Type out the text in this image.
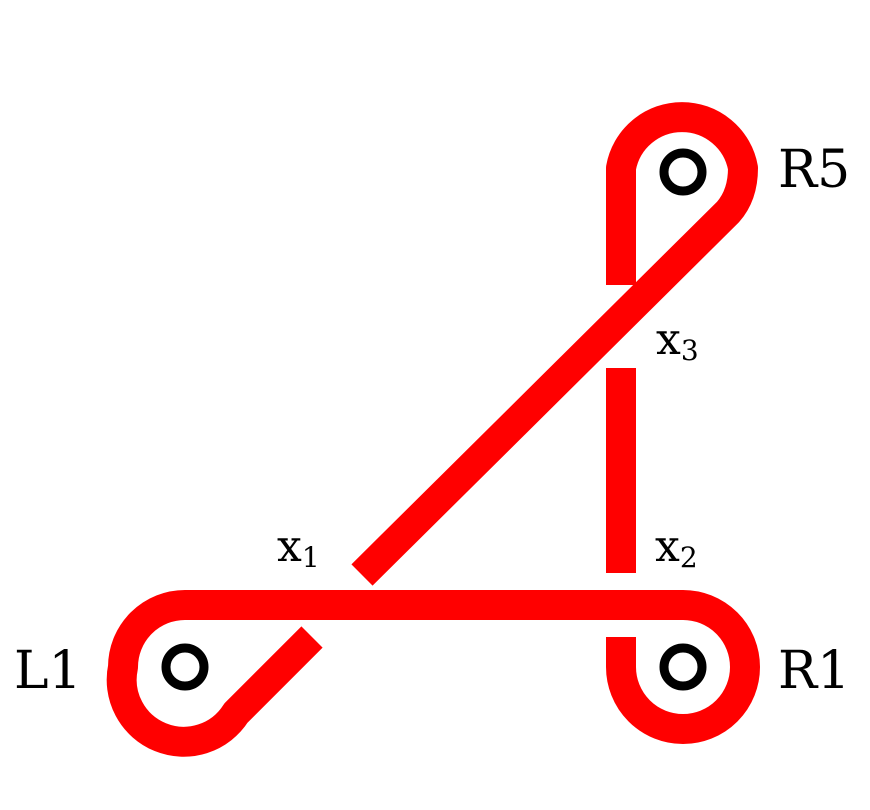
R5
L1	R1
$x_3$
$x_1$	$x_2$
